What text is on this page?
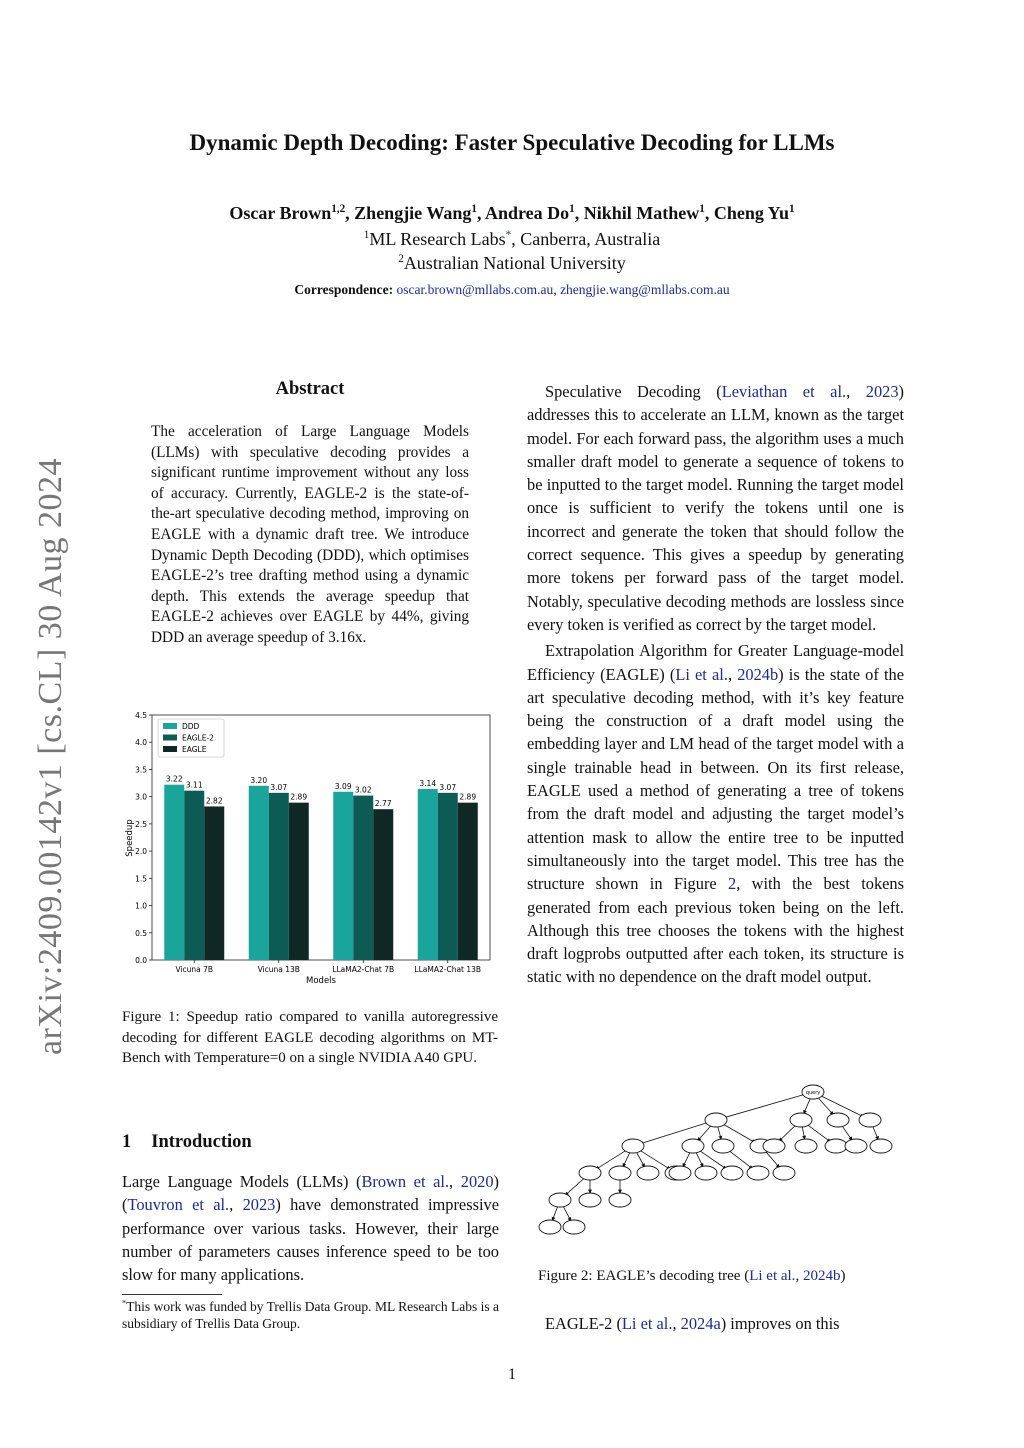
Dynamic Depth Decoding: Faster Speculative Decoding for LLMs
Oscar Brown$^{1,2}$, Zhengjie Wang$^1$, Andrea Do$^1$, Nikhil Mathew$^1$, Cheng Yu$^1$
$^1$ML Research Labs*, Canberra, Australia
$^2$Australian National University
Correspondence: oscar.brown@mllabs.com.au, zhengjie.wang@mllabs.com.au
arXiv:2409.00142v1 [cs.CL] 30 Aug 2024
Abstract
The acceleration of Large Language Models (LLMs) with speculative decoding provides a significant runtime improvement without any loss of accuracy. Currently, EAGLE-2 is the state-of-the-art speculative decoding method, improving on EAGLE with a dynamic draft tree. We introduce Dynamic Depth Decoding (DDD), which optimises EAGLE-2’s tree drafting method using a dynamic depth. This extends the average speedup that EAGLE-2 achieves over EAGLE by 44%, giving DDD an average speedup of 3.16x.
0.0
0.5
1.0
1.5
2.0
2.5
3.0
3.5
4.0
4.5
3.22
3.11
2.82
3.20
3.07
2.89
3.09 3.02
2.77
3.14 3.07
2.89
Vicuna 7B	Vicuna 13B	LLaMA2-Chat 7B	LLaMA2-Chat 13B
Speedup
Models
DDD
EAGLE-2
EAGLE
Figure 1: Speedup ratio compared to vanilla autoregressive decoding for different EAGLE decoding algorithms on MT-Bench with Temperature=0 on a single NVIDIA A40 GPU.
1 Introduction
Large Language Models (LLMs) (Brown et al., 2020) (Touvron et al., 2023) have demonstrated impressive performance over various tasks. However, their large number of parameters causes inference speed to be too slow for many applications.
*This work was funded by Trellis Data Group. ML Research Labs is a subsidiary of Trellis Data Group.

Speculative Decoding (Leviathan et al., 2023) addresses this to accelerate an LLM, known as the target model. For each forward pass, the algorithm uses a much smaller draft model to generate a sequence of tokens to be inputted to the target model. Running the target model once is sufficient to verify the tokens until one is incorrect and generate the token that should follow the correct sequence. This gives a speedup by generating more tokens per forward pass of the target model. Notably, speculative decoding methods are lossless since every token is verified as correct by the target model.

Extrapolation Algorithm for Greater Language-model Efficiency (EAGLE) (Li et al., 2024b) is the state of the art speculative decoding method, with it’s key feature being the construction of a draft model using the embedding layer and LM head of the target model with a single trainable head in between. On its first release, EAGLE used a method of generating a tree of tokens from the draft model and adjusting the target model’s attention mask to allow the entire tree to be inputted simultaneously into the target model. This tree has the structure shown in Figure 2, with the best tokens generated from each previous token being on the left. Although this tree chooses the tokens with the highest draft logprobs outputted after each token, its structure is static with no dependence on the draft model output.

query
Figure 2: EAGLE’s decoding tree (Li et al., 2024b)

EAGLE-2 (Li et al., 2024a) improves on this

1
